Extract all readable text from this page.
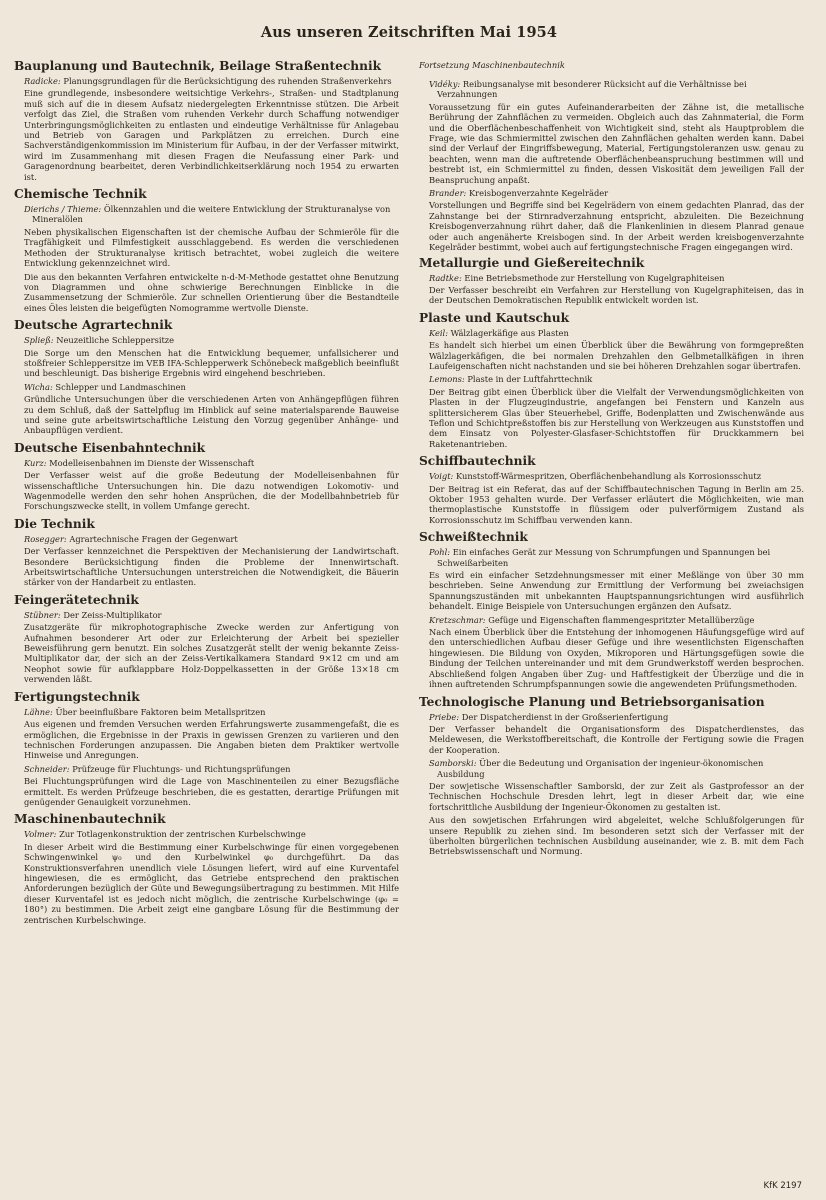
Aus unseren Zeitschriften Mai 1954
Bauplanung und Bautechnik, Beilage Straßentechnik
Radicke: Planungsgrundlagen für die Berücksichtigung des ruhenden Straßenverkehrs
Eine grundlegende, insbesondere weitsichtige Verkehrs-, Straßen- und Stadtplanung muß sich auf die in diesem Aufsatz niedergelegten Erkenntnisse stützen. Die Arbeit verfolgt das Ziel, die Straßen vom ruhenden Verkehr durch Schaffung notwendiger Unterbringungsmöglichkeiten zu entlasten und eindeutige Verhältnisse für Anlagebau und Betrieb von Garagen und Parkplätzen zu erreichen. Durch eine Sachverständigenkommission im Ministerium für Aufbau, in der der Verfasser mitwirkt, wird im Zusammenhang mit diesen Fragen die Neufassung einer Park- und Garagenordnung bearbeitet, deren Verbindlichkeitserklärung noch 1954 zu erwarten ist.
Chemische Technik
Dierichs / Thieme: Ölkennzahlen und die weitere Entwicklung der Strukturanalyse von Mineralölen
Neben physikalischen Eigenschaften ist der chemische Aufbau der Schmieröle für die Tragfähigkeit und Filmfestigkeit ausschlaggebend. Es werden die verschiedenen Methoden der Strukturanalyse kritisch betrachtet, wobei zugleich die weitere Entwicklung gekennzeichnet wird.
Die aus den bekannten Verfahren entwickelte n-d-M-Methode gestattet ohne Benutzung von Diagrammen und ohne schwierige Berechnungen Einblicke in die Zusammensetzung der Schmieröle. Zur schnellen Orientierung über die Bestandteile eines Öles leisten die beigefügten Nomogramme wertvolle Dienste.
Deutsche Agrartechnik
Spließ: Neuzeitliche Schleppersitze
Die Sorge um den Menschen hat die Entwicklung bequemer, unfallsicherer und stoßfreier Schleppersitze im VEB IFA-Schlepperwerk Schönebeck maßgeblich beeinflußt und beschleunigt. Das bisherige Ergebnis wird eingehend beschrieben.
Wicha: Schlepper und Landmaschinen
Gründliche Untersuchungen über die verschiedenen Arten von Anhängepflügen führen zu dem Schluß, daß der Sattelpflug im Hinblick auf seine materialsparende Bauweise und seine gute arbeitswirtschaftliche Leistung den Vorzug gegenüber Anhänge- und Anbaupflügen verdient.
Deutsche Eisenbahntechnik
Kurz: Modelleisenbahnen im Dienste der Wissenschaft
Der Verfasser weist auf die große Bedeutung der Modelleisenbahnen für wissenschaftliche Untersuchungen hin. Die dazu notwendigen Lokomotiv- und Wagenmodelle werden den sehr hohen Ansprüchen, die der Modellbahnbetrieb für Forschungszwecke stellt, in vollem Umfange gerecht.
Die Technik
Rosegger: Agrartechnische Fragen der Gegenwart
Der Verfasser kennzeichnet die Perspektiven der Mechanisierung der Landwirtschaft. Besondere Berücksichtigung finden die Probleme der Innenwirtschaft. Arbeitswirtschaftliche Untersuchungen unterstreichen die Notwendigkeit, die Bäuerin stärker von der Handarbeit zu entlasten.
Feingerätetechnik
Stübner: Der Zeiss-Multiplikator
Zusatzgeräte für mikrophotographische Zwecke werden zur Anfertigung von Aufnahmen besonderer Art oder zur Erleichterung der Arbeit bei spezieller Beweisführung gern benutzt. Ein solches Zusatzgerät stellt der wenig bekannte Zeiss-Multiplikator dar, der sich an der Zeiss-Vertikalkamera Standard 9×12 cm und am Neophot sowie für aufklappbare Holz-Doppelkassetten in der Größe 13×18 cm verwenden läßt.
Fertigungstechnik
Lähne: Über beeinflußbare Faktoren beim Metallspritzen
Aus eigenen und fremden Versuchen werden Erfahrungswerte zusammengefaßt, die es ermöglichen, die Ergebnisse in der Praxis in gewissen Grenzen zu variieren und den technischen Forderungen anzupassen. Die Angaben bieten dem Praktiker wertvolle Hinweise und Anregungen.
Schneider: Prüfzeuge für Fluchtungs- und Richtungsprüfungen
Bei Fluchtungsprüfungen wird die Lage von Maschinenteilen zu einer Bezugsfläche ermittelt. Es werden Prüfzeuge beschrieben, die es gestatten, derartige Prüfungen mit genügender Genauigkeit vorzunehmen.
Maschinenbautechnik
Volmer: Zur Totlagenkonstruktion der zentrischen Kurbelschwinge
In dieser Arbeit wird die Bestimmung einer Kurbelschwinge für einen vorgegebenen Schwingenwinkel ψ₀ und den Kurbelwinkel φ₀ durchgeführt. Da das Konstruktionsverfahren unendlich viele Lösungen liefert, wird auf eine Kurventafel hingewiesen, die es ermöglicht, das Getriebe entsprechend den praktischen Anforderungen bezüglich der Güte und Bewegungsübertragung zu bestimmen. Mit Hilfe dieser Kurventafel ist es jedoch nicht möglich, die zentrische Kurbelschwinge (φ₀ = 180°) zu bestimmen. Die Arbeit zeigt eine gangbare Lösung für die Bestimmung der zentrischen Kurbelschwinge.
Fortsetzung Maschinenbautechnik
Vidéky: Reibungsanalyse mit besonderer Rücksicht auf die Verhältnisse bei Verzahnungen
Voraussetzung für ein gutes Aufeinanderarbeiten der Zähne ist, die metallische Berührung der Zahnflächen zu vermeiden. Obgleich auch das Zahnmaterial, die Form und die Oberflächenbeschaffenheit von Wichtigkeit sind, steht als Hauptproblem die Frage, wie das Schmiermittel zwischen den Zahnflächen gehalten werden kann. Dabei sind der Verlauf der Eingriffsbewegung, Material, Fertigungstoleranzen usw. genau zu beachten, wenn man die auftretende Oberflächenbeanspruchung bestimmen will und bestrebt ist, ein Schmiermittel zu finden, dessen Viskosität dem jeweiligen Fall der Beanspruchung anpaßt.
Brander: Kreisbogenverzahnte Kegelräder
Vorstellungen und Begriffe sind bei Kegelrädern von einem gedachten Planrad, das der Zahnstange bei der Stirnradverzahnung entspricht, abzuleiten. Die Bezeichnung Kreisbogenverzahnung rührt daher, daß die Flankenlinien in diesem Planrad genaue oder auch angenäherte Kreisbogen sind. In der Arbeit werden kreisbogenverzahnte Kegelräder bestimmt, wobei auch auf fertigungstechnische Fragen eingegangen wird.
Metallurgie und Gießereitechnik
Radtke: Eine Betriebsmethode zur Herstellung von Kugelgraphiteisen
Der Verfasser beschreibt ein Verfahren zur Herstellung von Kugelgraphiteisen, das in der Deutschen Demokratischen Republik entwickelt worden ist.
Plaste und Kautschuk
Keil: Wälzlagerkäfige aus Plasten
Es handelt sich hierbei um einen Überblick über die Bewährung von formgepreßten Wälzlagerkäfigen, die bei normalen Drehzahlen den Gelbmetallkäfigen in ihren Laufeigenschaften nicht nachstanden und sie bei höheren Drehzahlen sogar übertrafen.
Lemons: Plaste in der Luftfahrttechnik
Der Beitrag gibt einen Überblick über die Vielfalt der Verwendungsmöglichkeiten von Plasten in der Flugzeugindustrie, angefangen bei Fenstern und Kanzeln aus splittersicherem Glas über Steuerhebel, Griffe, Bodenplatten und Zwischenwände aus Teflon und Schichtpreßstoffen bis zur Herstellung von Werkzeugen aus Kunststoffen und dem Einsatz von Polyester-Glasfaser-Schichtstoffen für Druckkammern bei Raketenantrieben.
Schiffbautechnik
Voigt: Kunststoff-Wärmespritzen, Oberflächenbehandlung als Korrosionsschutz
Der Beitrag ist ein Referat, das auf der Schiffbautechnischen Tagung in Berlin am 25. Oktober 1953 gehalten wurde. Der Verfasser erläutert die Möglichkeiten, wie man thermoplastische Kunststoffe in flüssigem oder pulverförmigem Zustand als Korrosionsschutz im Schiffbau verwenden kann.
Schweißtechnik
Pohl: Ein einfaches Gerät zur Messung von Schrumpfungen und Spannungen bei Schweißarbeiten
Es wird ein einfacher Setzdehnungsmesser mit einer Meßlänge von über 30 mm beschrieben. Seine Anwendung zur Ermittlung der Verformung bei zweiachsigen Spannungszuständen mit unbekannten Hauptspannungsrichtungen wird ausführlich behandelt. Einige Beispiele von Untersuchungen ergänzen den Aufsatz.
Kretzschmar: Gefüge und Eigenschaften flammengespritzter Metallüberzüge
Nach einem Überblick über die Entstehung der inhomogenen Häufungsgefüge wird auf den unterschiedlichen Aufbau dieser Gefüge und ihre wesentlichsten Eigenschaften hingewiesen. Die Bildung von Oxyden, Mikroporen und Härtungsgefügen sowie die Bindung der Teilchen untereinander und mit dem Grundwerkstoff werden besprochen. Abschließend folgen Angaben über Zug- und Haftfestigkeit der Überzüge und die in ihnen auftretenden Schrumpfspannungen sowie die angewendeten Prüfungsmethoden.
Technologische Planung und Betriebsorganisation
Priebe: Der Dispatcherdienst in der Großserienfertigung
Der Verfasser behandelt die Organisationsform des Dispatcherdienstes, das Meldewesen, die Werkstoffbereitschaft, die Kontrolle der Fertigung sowie die Fragen der Kooperation.
Samborski: Über die Bedeutung und Organisation der ingenieur-ökonomischen Ausbildung
Der sowjetische Wissenschaftler Samborski, der zur Zeit als Gastprofessor an der Technischen Hochschule Dresden lehrt, legt in dieser Arbeit dar, wie eine fortschrittliche Ausbildung der Ingenieur-Ökonomen zu gestalten ist.
Aus den sowjetischen Erfahrungen wird abgeleitet, welche Schlußfolgerungen für unsere Republik zu ziehen sind. Im besonderen setzt sich der Verfasser mit der überholten bürgerlichen technischen Ausbildung auseinander, wie z. B. mit dem Fach Betriebswissenschaft und Normung.
KfK 2197
